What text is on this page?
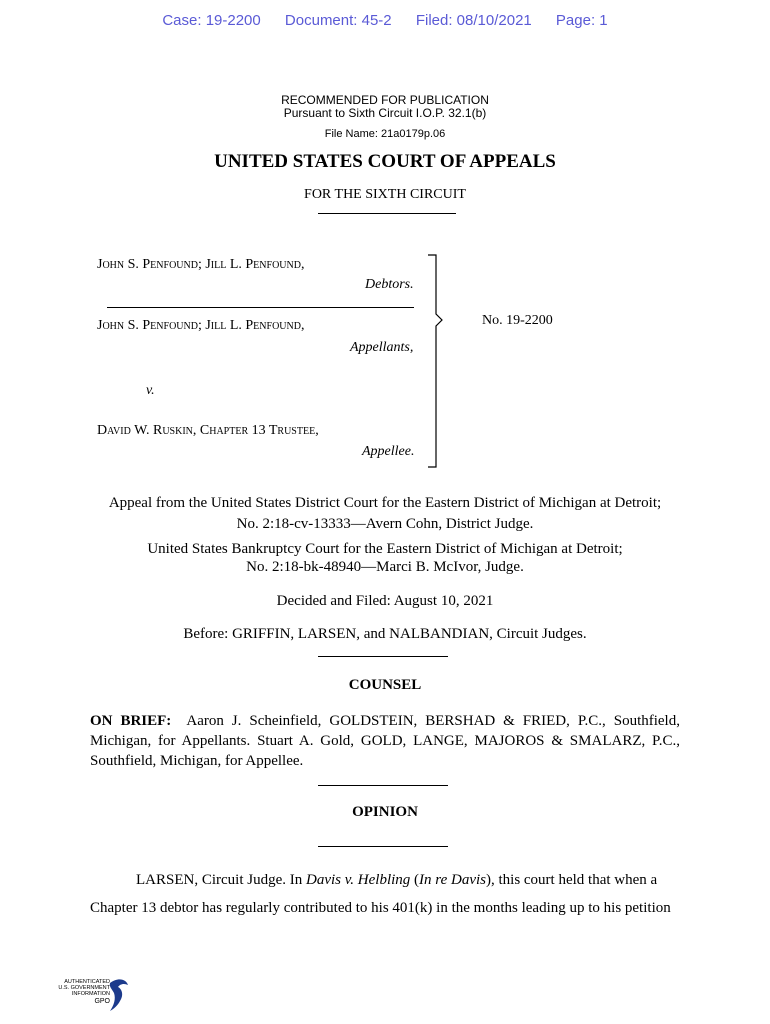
Case: 19-2200 Document: 45-2 Filed: 08/10/2021 Page: 1
RECOMMENDED FOR PUBLICATION
Pursuant to Sixth Circuit I.O.P. 32.1(b)
File Name: 21a0179p.06
UNITED STATES COURT OF APPEALS
FOR THE SIXTH CIRCUIT
John S. Penfound; Jill L. Penfound,
Debtors.
John S. Penfound; Jill L. Penfound,
Appellants,
v.
David W. Ruskin, Chapter 13 Trustee,
Appellee.
No. 19-2200
Appeal from the United States District Court for the Eastern District of Michigan at Detroit;
No. 2:18-cv-13333—Avern Cohn, District Judge.
United States Bankruptcy Court for the Eastern District of Michigan at Detroit;
No. 2:18-bk-48940—Marci B. McIvor, Judge.
Decided and Filed: August 10, 2021
Before: GRIFFIN, LARSEN, and NALBANDIAN, Circuit Judges.
COUNSEL
ON BRIEF: Aaron J. Scheinfield, GOLDSTEIN, BERSHAD & FRIED, P.C., Southfield, Michigan, for Appellants. Stuart A. Gold, GOLD, LANGE, MAJOROS & SMALARZ, P.C., Southfield, Michigan, for Appellee.
OPINION
LARSEN, Circuit Judge. In Davis v. Helbling (In re Davis), this court held that when a
Chapter 13 debtor has regularly contributed to his 401(k) in the months leading up to his petition
AUTHENTICATED
U.S. GOVERNMENT
INFORMATION
GPO
